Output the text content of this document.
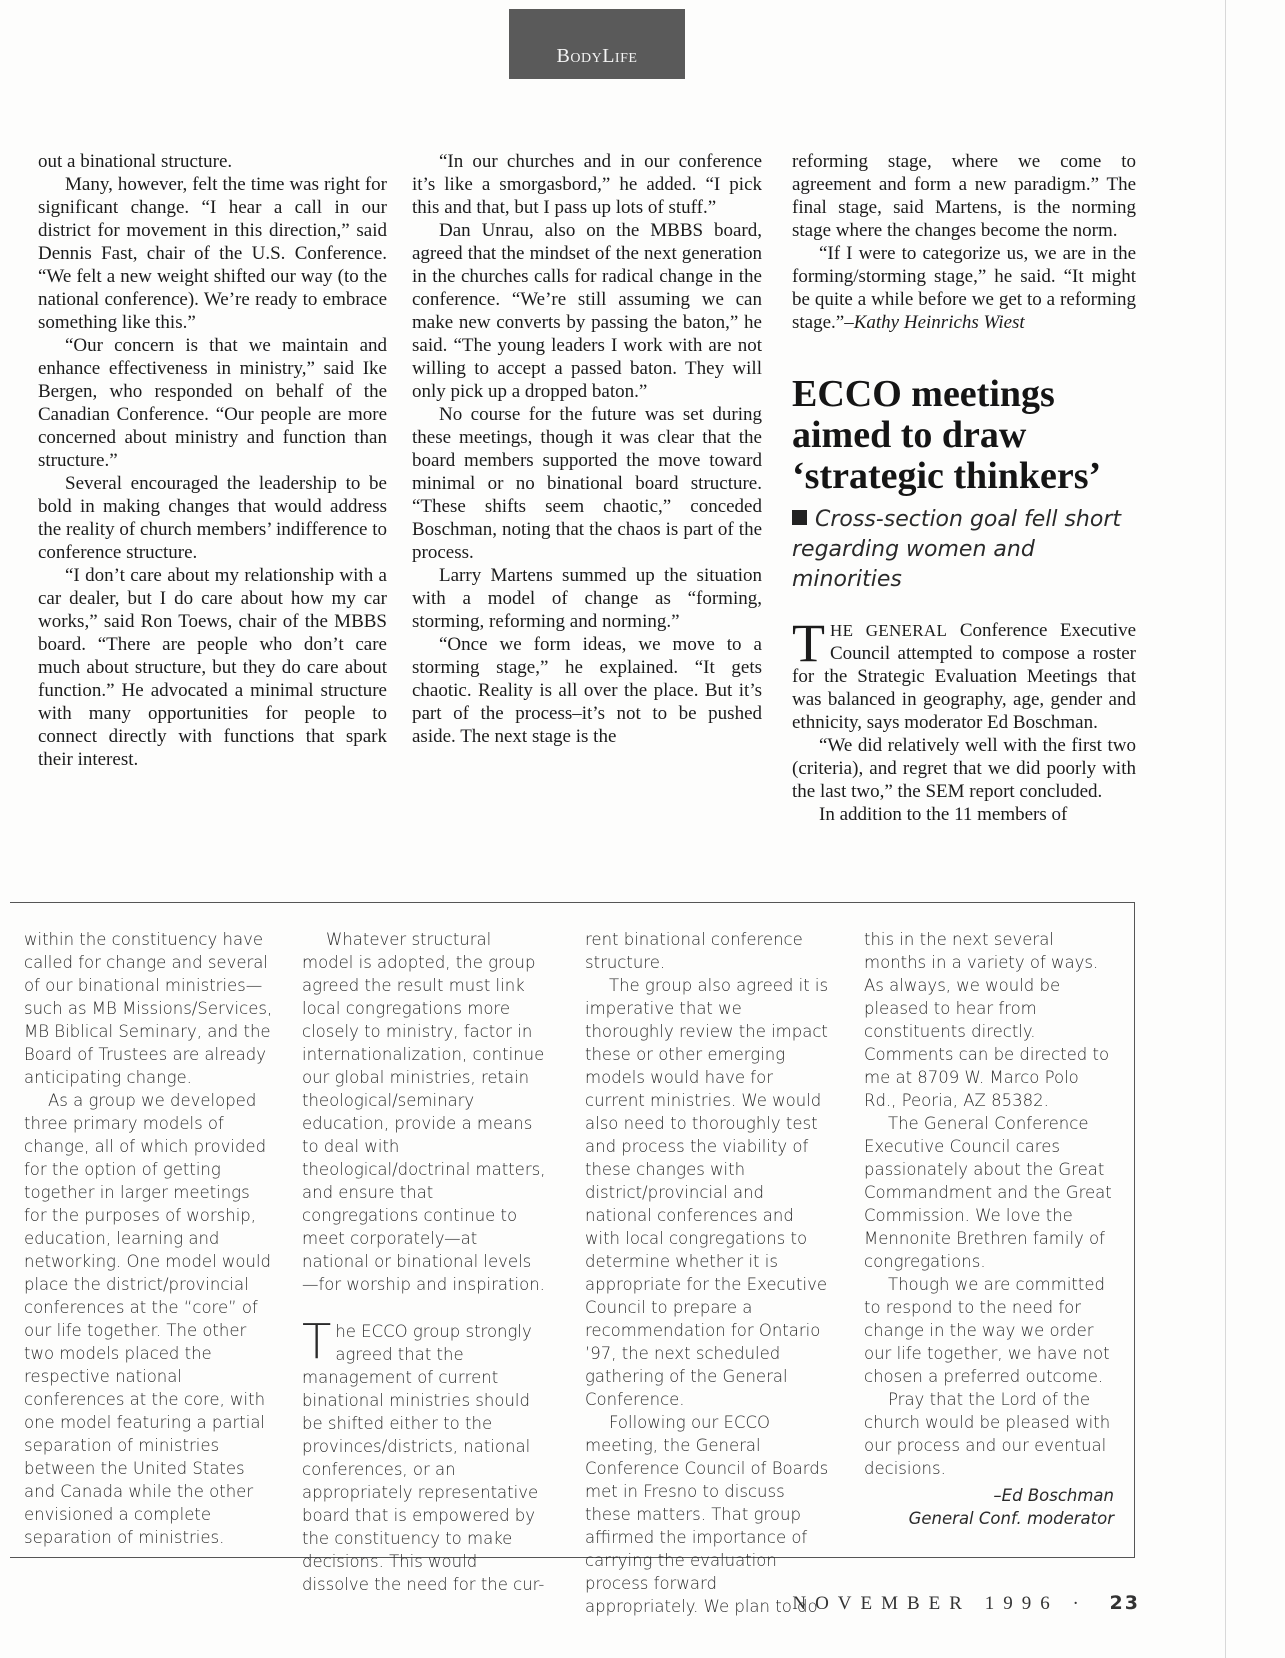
BodyLife

out a binational structure.

Many, however, felt the time was right for significant change. “I hear a call in our district for movement in this direction,” said Dennis Fast, chair of the U.S. Conference. “We felt a new weight shifted our way (to the national conference). We’re ready to embrace something like this.”

“Our concern is that we maintain and enhance effectiveness in ministry,” said Ike Bergen, who responded on behalf of the Canadian Conference. “Our people are more concerned about ministry and function than structure.”

Several encouraged the leadership to be bold in making changes that would address the reality of church members’ indifference to conference structure.

“I don’t care about my relationship with a car dealer, but I do care about how my car works,” said Ron Toews, chair of the MBBS board. “There are people who don’t care much about structure, but they do care about function.” He advocated a minimal structure with many opportunities for people to connect directly with functions that spark their interest.

“In our churches and in our conference it’s like a smorgasbord,” he added. “I pick this and that, but I pass up lots of stuff.”

Dan Unrau, also on the MBBS board, agreed that the mindset of the next generation in the churches calls for radical change in the conference. “We’re still assuming we can make new converts by passing the baton,” he said. “The young leaders I work with are not willing to accept a passed baton. They will only pick up a dropped baton.”

No course for the future was set during these meetings, though it was clear that the board members supported the move toward minimal or no binational board structure. “These shifts seem chaotic,” conceded Boschman, noting that the chaos is part of the process.

Larry Martens summed up the situation with a model of change as “forming, storming, reforming and norming.”

“Once we form ideas, we move to a storming stage,” he explained. “It gets chaotic. Reality is all over the place. But it’s part of the process–it’s not to be pushed aside. The next stage is the

reforming stage, where we come to agreement and form a new paradigm.” The final stage, said Martens, is the norming stage where the changes become the norm.

“If I were to categorize us, we are in the forming/storming stage,” he said. “It might be quite a while before we get to a reforming stage.”–Kathy Heinrichs Wiest

ECCO meetings aimed to draw ‘strategic thinkers’
Cross-section goal fell short regarding women and minorities

THE GENERAL Conference Executive Council attempted to compose a roster for the Strategic Evaluation Meetings that was balanced in geography, age, gender and ethnicity, says moderator Ed Boschman.

“We did relatively well with the first two (criteria), and regret that we did poorly with the last two,” the SEM report concluded.

In addition to the 11 members of

within the constituency have called for change and several of our binational ministries—such as MB Missions/Services, MB Biblical Seminary, and the Board of Trustees are already anticipating change.

As a group we developed three primary models of change, all of which provided for the option of getting together in larger meetings for the purposes of worship, education, learning and networking. One model would place the district/provincial conferences at the “core” of our life together. The other two models placed the respective national conferences at the core, with one model featuring a partial separation of ministries between the United States and Canada while the other envisioned a complete separation of ministries.

Whatever structural model is adopted, the group agreed the result must link local congregations more closely to ministry, factor in internationalization, continue our global ministries, retain theological/seminary education, provide a means to deal with theological/doctrinal matters, and ensure that congregations continue to meet corporately—at national or binational levels—for worship and inspiration.

The ECCO group strongly agreed that the management of current binational ministries should be shifted either to the provinces/districts, national conferences, or an appropriately representative board that is empowered by the constituency to make decisions. This would dissolve the need for the cur-

rent binational conference structure.

The group also agreed it is imperative that we thoroughly review the impact these or other emerging models would have for current ministries. We would also need to thoroughly test and process the viability of these changes with district/provincial and national conferences and with local congregations to determine whether it is appropriate for the Executive Council to prepare a recommendation for Ontario ’97, the next scheduled gathering of the General Conference.

Following our ECCO meeting, the General Conference Council of Boards met in Fresno to discuss these matters. That group affirmed the importance of carrying the evaluation process forward appropriately. We plan to do

this in the next several months in a variety of ways. As always, we would be pleased to hear from constituents directly. Comments can be directed to me at 8709 W. Marco Polo Rd., Peoria, AZ 85382.

The General Conference Executive Council cares passionately about the Great Commandment and the Great Commission. We love the Mennonite Brethren family of congregations.

Though we are committed to respond to the need for change in the way we order our life together, we have not chosen a preferred outcome.

Pray that the Lord of the church would be pleased with our process and our eventual decisions.

–Ed Boschman
General Conf. moderator

NOVEMBER 1996 · 23
